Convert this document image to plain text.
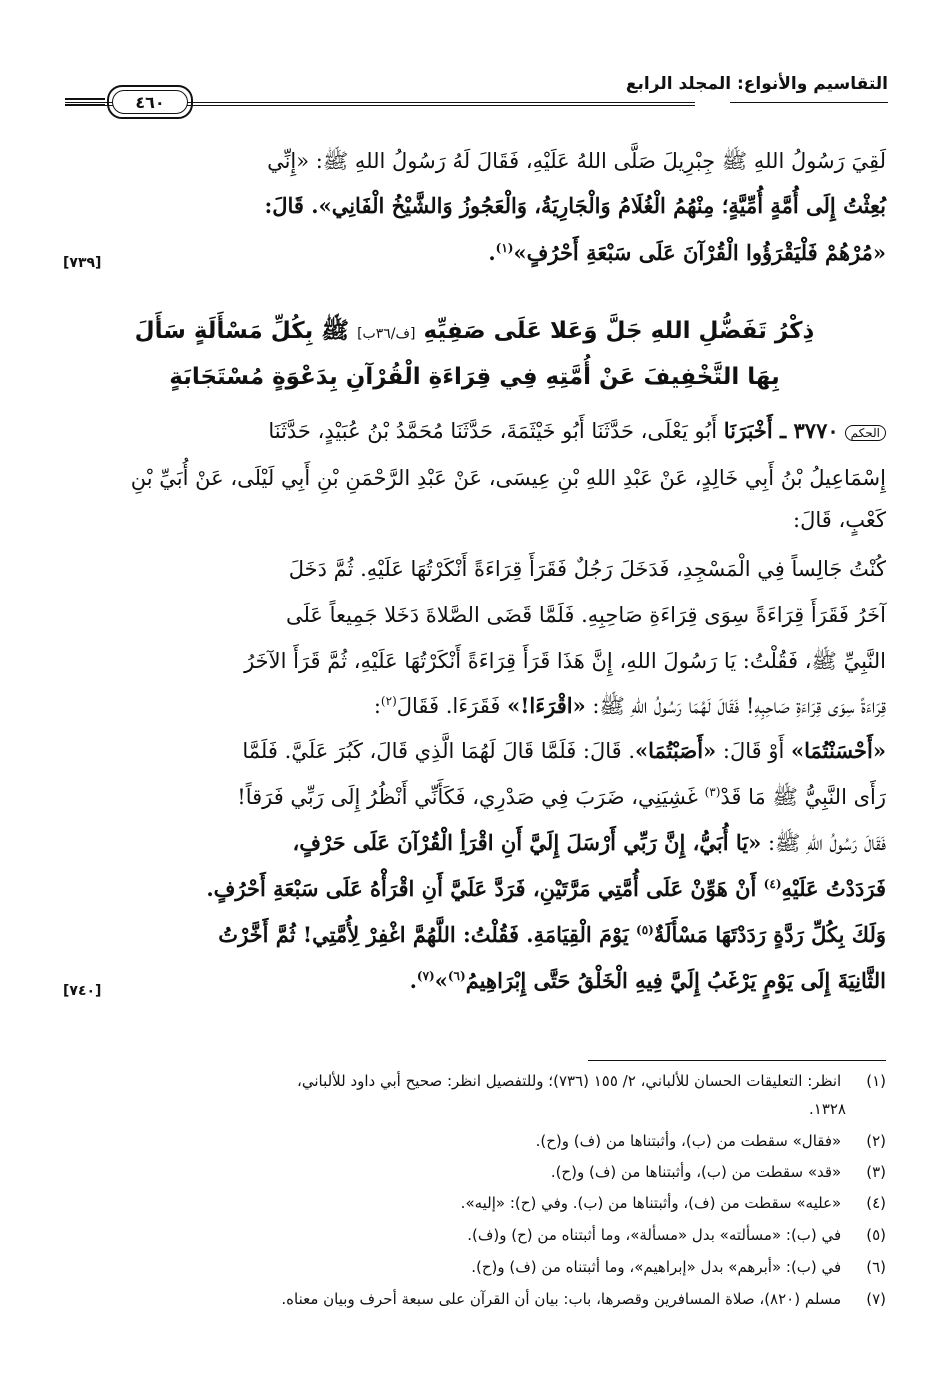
التقاسيم والأنواع: المجلد الرابع
٤٦٠
لَقِيَ رَسُولُ اللهِ ﷺ جِبْرِيلَ صَلَّى اللهُ عَلَيْهِ، فَقَالَ لَهُ رَسُولُ اللهِ ﷺ: «إِنِّي
بُعِثْتُ إِلَى أُمَّةٍ أُمِّيَّةٍ؛ مِنْهُمُ الْغُلَامُ وَالْجَارِيَةُ، وَالْعَجُوزُ وَالشَّيْخُ الْفَانِي». قَالَ:
«مُرْهُمْ فَلْيَقْرَؤُوا الْقُرْآنَ عَلَى سَبْعَةِ أَحْرُفٍ»$^{(١)}$.
[٧٣٩]
ذِكْرُ تَفَضُّلِ اللهِ جَلَّ وَعَلا عَلَى صَفِيِّهِ [ف/٣٦ب] ﷺ بِكُلِّ مَسْأَلَةٍ سَأَلَ
بِهَا التَّخْفِيفَ عَنْ أُمَّتِهِ فِي قِرَاءَةِ الْقُرْآنِ بِدَعْوَةٍ مُسْتَجَابَةٍ
الحكم٣٧٧٠ ـ أَخْبَرَنَا أَبُو يَعْلَى، حَدَّثَنَا أَبُو خَيْثَمَةَ، حَدَّثَنَا مُحَمَّدُ بْنُ عُبَيْدٍ، حَدَّثَنَا
إِسْمَاعِيلُ بْنُ أَبِي خَالِدٍ، عَنْ عَبْدِ اللهِ بْنِ عِيسَى، عَنْ عَبْدِ الرَّحْمَنِ بْنِ أَبِي لَيْلَى، عَنْ أُبَيِّ بْنِ
كَعْبٍ، قَالَ:
كُنْتُ جَالِساً فِي الْمَسْجِدِ، فَدَخَلَ رَجُلٌ فَقَرَأَ قِرَاءَةً أَنْكَرْتُهَا عَلَيْهِ. ثُمَّ دَخَلَ
آخَرُ فَقَرَأَ قِرَاءَةً سِوَى قِرَاءَةِ صَاحِبِهِ. فَلَمَّا قَضَى الصَّلاةَ دَخَلا جَمِيعاً عَلَى
النَّبِيِّ ﷺ، فَقُلْتُ: يَا رَسُولَ اللهِ، إِنَّ هَذَا قَرَأَ قِرَاءَةً أَنْكَرْتُهَا عَلَيْهِ، ثُمَّ قَرَأَ الآخَرُ
قِرَاءَةً سِوَى قِرَاءَةِ صَاحِبِهِ! فَقَالَ لَهُمَا رَسُولُ اللهِ ﷺ: «اقْرَءَا!» فَقَرَءَا. فَقَالَ$^{(٢)}$:
«أَحْسَنْتُمَا» أَوْ قَالَ: «أَصَبْتُمَا». قَالَ: فَلَمَّا قَالَ لَهُمَا الَّذِي قَالَ، كَبُرَ عَلَيَّ. فَلَمَّا
رَأَى النَّبِيُّ ﷺ مَا قَدْ$^{(٣)}$ غَشِيَنِي، ضَرَبَ فِي صَدْرِي، فَكَأَنِّي أَنْظُرُ إِلَى رَبِّي فَرَقاً!
فَقَالَ رَسُولُ اللهِ ﷺ: «يَا أُبَيُّ، إِنَّ رَبِّي أَرْسَلَ إِلَيَّ أَنِ اقْرَأِ الْقُرْآنَ عَلَى حَرْفٍ،
فَرَدَدْتُ عَلَيْهِ$^{(٤)}$ أَنْ هَوِّنْ عَلَى أُمَّتِي مَرَّتَيْنِ، فَرَدَّ عَلَيَّ أَنِ اقْرَأْهُ عَلَى سَبْعَةِ أَحْرُفٍ.
وَلَكَ بِكُلِّ رَدَّةٍ رَدَدْتَهَا مَسْأَلَةٌ$^{(٥)}$ يَوْمَ الْقِيَامَةِ. فَقُلْتُ: اللَّهُمَّ اغْفِرْ لِأُمَّتِي! ثُمَّ أَخَّرْتُ
الثَّانِيَةَ إِلَى يَوْمٍ يَرْغَبُ إِلَيَّ فِيهِ الْخَلْقُ حَتَّى إِبْرَاهِيمُ$^{(٦)}$»$^{(٧)}$.
[٧٤٠]
(١) انظر: التعليقات الحسان للألباني، ٢/ ١٥٥ (٧٣٦)؛ وللتفصيل انظر: صحيح أبي داود للألباني،
١٣٢٨.
(٢) «فقال» سقطت من (ب)، وأثبتناها من (ف) و(ح).
(٣) «قد» سقطت من (ب)، وأثبتناها من (ف) و(ح).
(٤) «عليه» سقطت من (ف)، وأثبتناها من (ب). وفي (ح): «إليه».
(٥) في (ب): «مسألته» بدل «مسألة»، وما أثبتناه من (ح) و(ف).
(٦) في (ب): «أبرهم» بدل «إبراهيم»، وما أثبتناه من (ف) و(ح).
(٧) مسلم (٨٢٠)، صلاة المسافرين وقصرها، باب: بيان أن القرآن على سبعة أحرف وبيان معناه.
